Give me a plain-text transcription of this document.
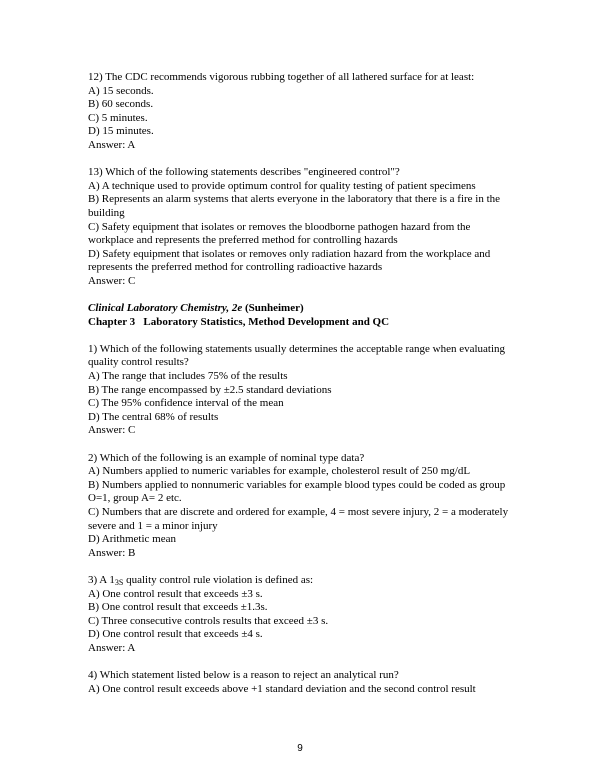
12) The CDC recommends vigorous rubbing together of all lathered surface for at least:
A) 15 seconds.
B) 60 seconds.
C) 5 minutes.
D) 15 minutes.
Answer: A
13) Which of the following statements describes "engineered control"?
A) A technique used to provide optimum control for quality testing of patient specimens
B) Represents an alarm systems that alerts everyone in the laboratory that there is a fire in the building
C) Safety equipment that isolates or removes the bloodborne pathogen hazard from the workplace and represents the preferred method for controlling hazards
D) Safety equipment that isolates or removes only radiation hazard from the workplace and represents the preferred method for controlling radioactive hazards
Answer: C
Clinical Laboratory Chemistry, 2e (Sunheimer)
Chapter 3   Laboratory Statistics, Method Development and QC
1) Which of the following statements usually determines the acceptable range when evaluating quality control results?
A) The range that includes 75% of the results
B) The range encompassed by ±2.5 standard deviations
C) The 95% confidence interval of the mean
D) The central 68% of results
Answer: C
2) Which of the following is an example of nominal type data?
A) Numbers applied to numeric variables for example, cholesterol result of 250 mg/dL
B) Numbers applied to nonnumeric variables for example blood types could be coded as group O=1, group A= 2 etc.
C) Numbers that are discrete and ordered for example, 4 = most severe injury, 2 = a moderately severe and 1 = a minor injury
D) Arithmetic mean
Answer: B
3) A $1_{3S}$ quality control rule violation is defined as:
A) One control result that exceeds ±3 s.
B) One control result that exceeds ±1.3s.
C) Three consecutive controls results that exceed ±3 s.
D) One control result that exceeds ±4 s.
Answer: A
4) Which statement listed below is a reason to reject an analytical run?
A) One control result exceeds above +1 standard deviation and the second control result
9
